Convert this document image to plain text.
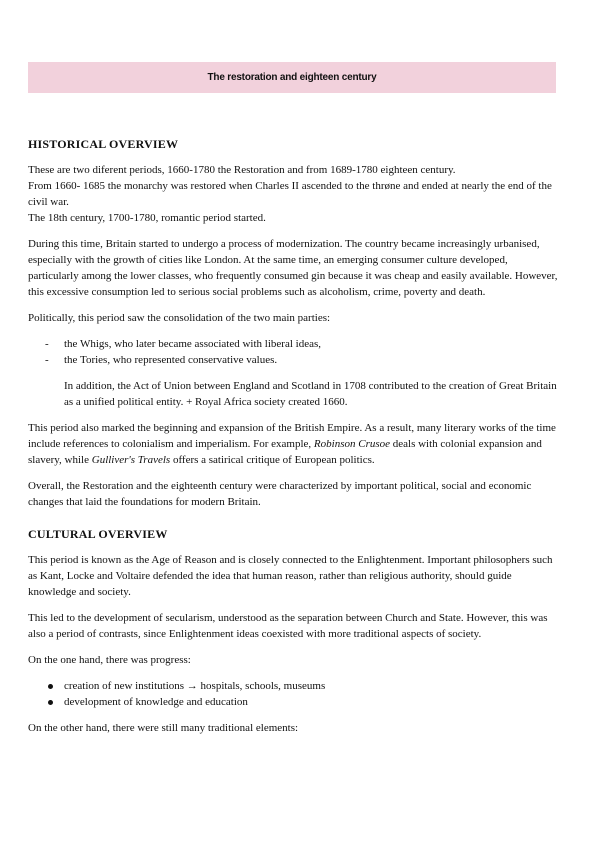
The restoration and eighteen century
HISTORICAL OVERVIEW

These are two diferent periods, 1660-1780 the Restoration and from 1689-1780 eighteen century.

From 1660- 1685 the monarchy was restored when Charles II ascended to the thrøne and ended at nearly the end of the civil war.

The 18th century, 1700-1780, romantic period started.

During this time, Britain started to undergo a process of modernization. The country became increasingly urbanised, especially with the growth of cities like London. At the same time, an emerging consumer culture developed, particularly among the lower classes, who frequently consumed gin because it was cheap and easily available. However, this excessive consumption led to serious social problems such as alcoholism, crime, poverty and death.

Politically, this period saw the consolidation of the two main parties:

- the Whigs, who later became associated with liberal ideas,
- the Tories, who represented conservative values.

In addition, the Act of Union between England and Scotland in 1708 contributed to the creation of Great Britain as a unified political entity. + Royal Africa society created 1660.

This period also marked the beginning and expansion of the British Empire. As a result, many literary works of the time include references to colonialism and imperialism. For example, Robinson Crusoe deals with colonial expansion and slavery, while Gulliver's Travels offers a satirical critique of European politics.

Overall, the Restoration and the eighteenth century were characterized by important political, social and economic changes that laid the foundations for modern Britain.

CULTURAL OVERVIEW

This period is known as the Age of Reason and is closely connected to the Enlightenment. Important philosophers such as Kant, Locke and Voltaire defended the idea that human reason, rather than religious authority, should guide knowledge and society.

This led to the development of secularism, understood as the separation between Church and State. However, this was also a period of contrasts, since Enlightenment ideas coexisted with more traditional aspects of society.

On the one hand, there was progress:

creation of new institutions → hospitals, schools, museums
development of knowledge and education

On the other hand, there were still many traditional elements:
